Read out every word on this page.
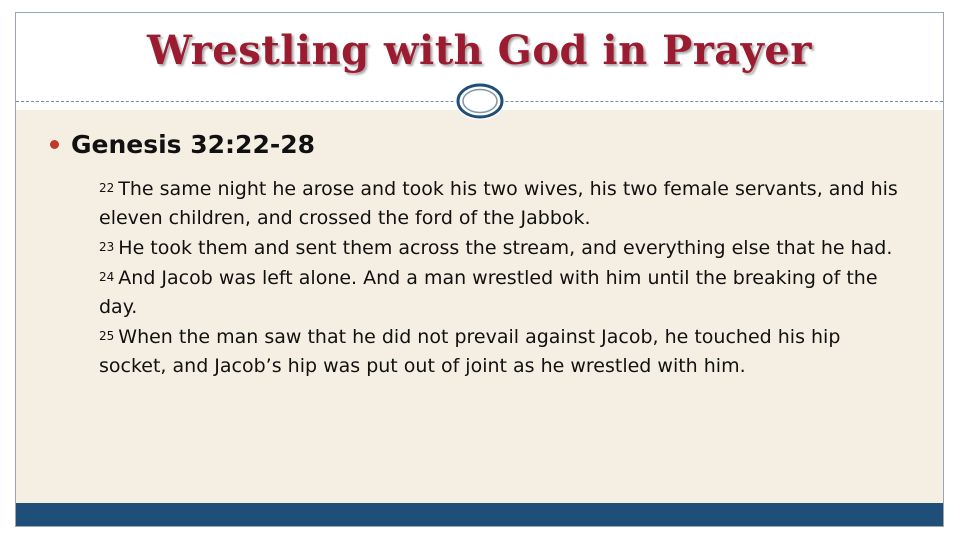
Wrestling with God in Prayer
Genesis 32:22-28

22 The same night he arose and took his two wives, his two female servants, and his eleven children, and crossed the ford of the Jabbok.

23 He took them and sent them across the stream, and everything else that he had.

24 And Jacob was left alone. And a man wrestled with him until the breaking of the day.

25 When the man saw that he did not prevail against Jacob, he touched his hip socket, and Jacob’s hip was put out of joint as he wrestled with him.
